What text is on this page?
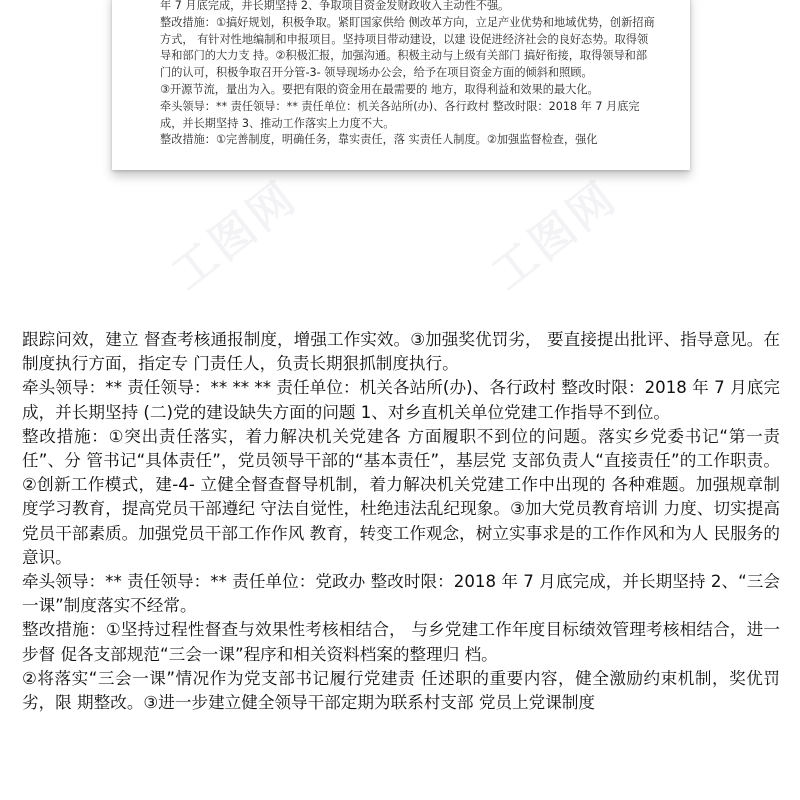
年 7 月底完成，并长期坚持 2、争取项目资金发财政收入主动性不强。

整改措施：①搞好规划，积极争取。紧盯国家供给 侧改革方向，立足产业优势和地域优势，创新招商方式， 有针对性地编制和申报项目。坚持项目带动建设，以建 设促进经济社会的良好态势。取得领导和部门的大力支 持。②积极汇报，加强沟通。积极主动与上级有关部门 搞好衔接，取得领导和部门的认可，积极争取召开分管-3- 领导现场办公会，给予在项目资金方面的倾斜和照顾。

③开源节流，量出为入。要把有限的资金用在最需要的 地方，取得利益和效果的最大化。

牵头领导：** 责任领导：** 责任单位：机关各站所(办)、各行政村 整改时限：2018 年 7 月底完成，并长期坚持 3、推动工作落实上力度不大。

整改措施：①完善制度，明确任务，靠实责任，落 实责任人制度。②加强监督检查，强化

工图网	工图网

跟踪问效，建立 督查考核通报制度，增强工作实效。③加强奖优罚劣， 要直接提出批评、指导意见。在制度执行方面，指定专 门责任人，负责长期狠抓制度执行。

牵头领导：** 责任领导：** ** ** 责任单位：机关各站所(办)、各行政村 整改时限：2018 年 7 月底完成，并长期坚持 (二)党的建设缺失方面的问题 1、对乡直机关单位党建工作指导不到位。

整改措施：①突出责任落实，着力解决机关党建各 方面履职不到位的问题。落实乡党委书记“第一责任”、分 管书记“具体责任”，党员领导干部的“基本责任”，基层党 支部负责人“直接责任”的工作职责。②创新工作模式，建-4- 立健全督查督导机制，着力解决机关党建工作中出现的 各种难题。加强规章制度学习教育，提高党员干部遵纪 守法自觉性，杜绝违法乱纪现象。③加大党员教育培训 力度、切实提高党员干部素质。加强党员干部工作作风 教育，转变工作观念，树立实事求是的工作作风和为人 民服务的意识。

牵头领导：** 责任领导：** 责任单位：党政办 整改时限：2018 年 7 月底完成，并长期坚持 2、“三会一课”制度落实不经常。

整改措施：①坚持过程性督查与效果性考核相结合， 与乡党建工作年度目标绩效管理考核相结合，进一步督 促各支部规范“三会一课”程序和相关资料档案的整理归 档。

②将落实“三会一课”情况作为党支部书记履行党建责 任述职的重要内容，健全激励约束机制，奖优罚劣，限 期整改。③进一步建立健全领导干部定期为联系村支部 党员上党课制度
